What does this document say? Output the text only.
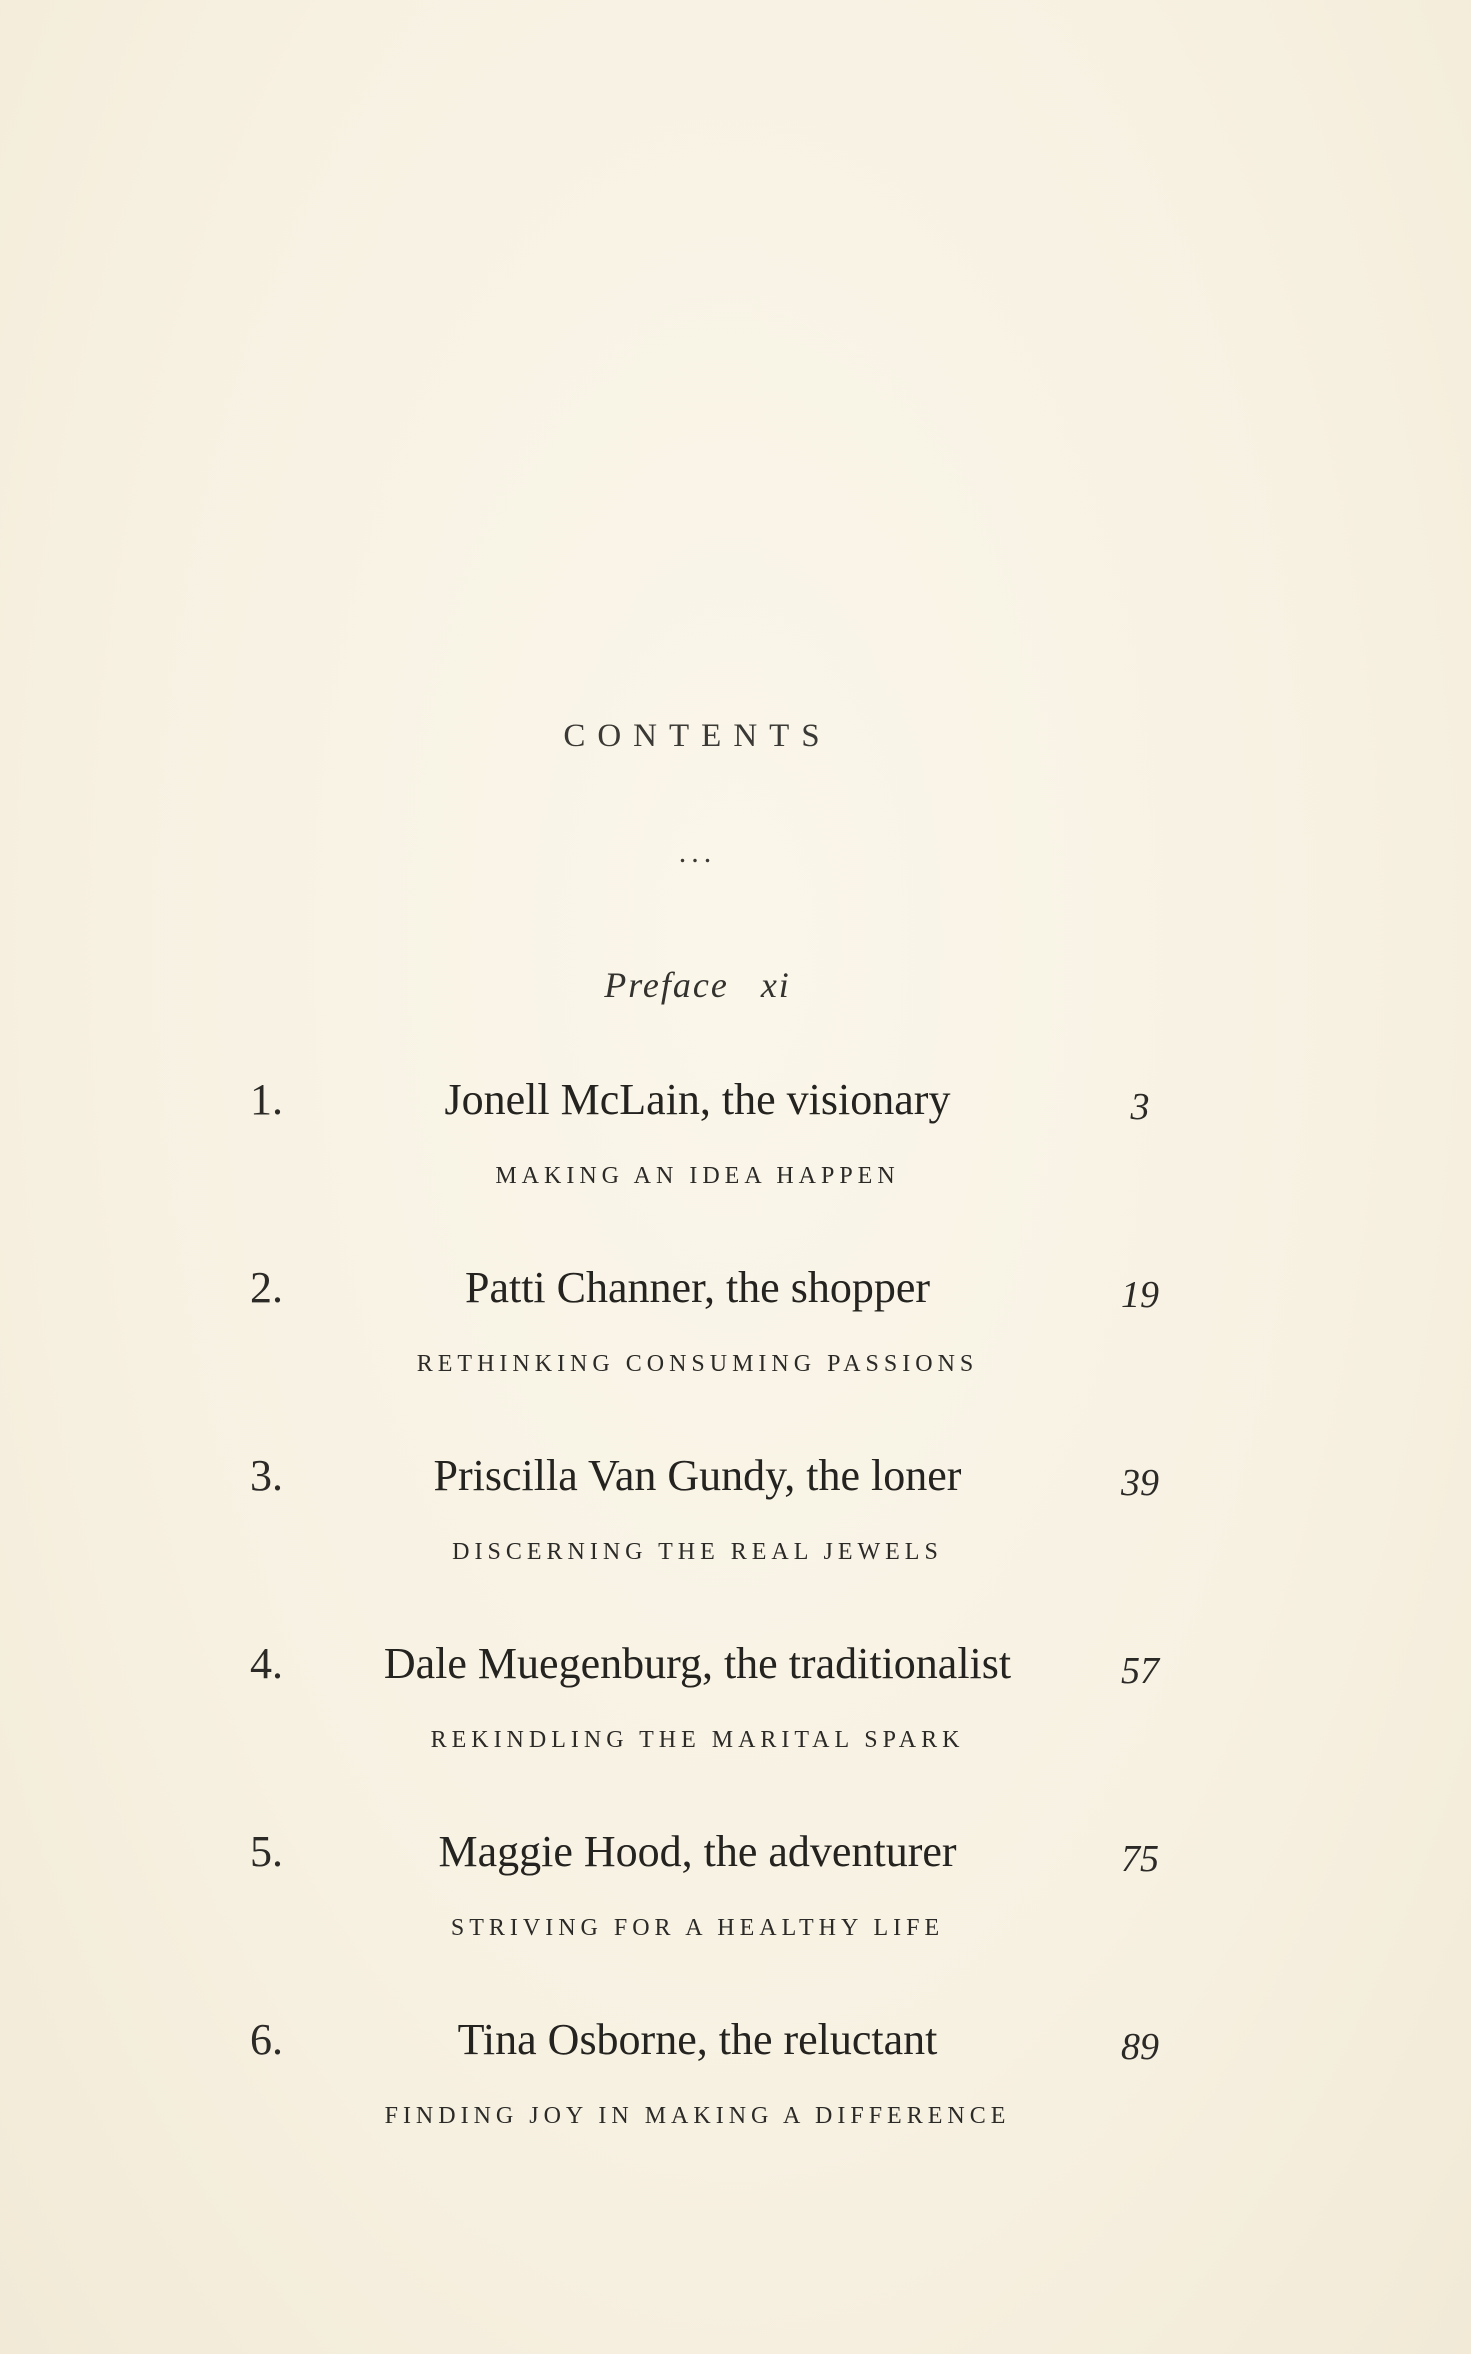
CONTENTS
...
Preface xi
1.	Jonell McLain, the visionary	3
MAKING AN IDEA HAPPEN
2.	Patti Channer, the shopper	19
RETHINKING CONSUMING PASSIONS
3.	Priscilla Van Gundy, the loner	39
DISCERNING THE REAL JEWELS
4.	Dale Muegenburg, the traditionalist	57
REKINDLING THE MARITAL SPARK
5.	Maggie Hood, the adventurer	75
STRIVING FOR A HEALTHY LIFE
6.	Tina Osborne, the reluctant	89
FINDING JOY IN MAKING A DIFFERENCE
